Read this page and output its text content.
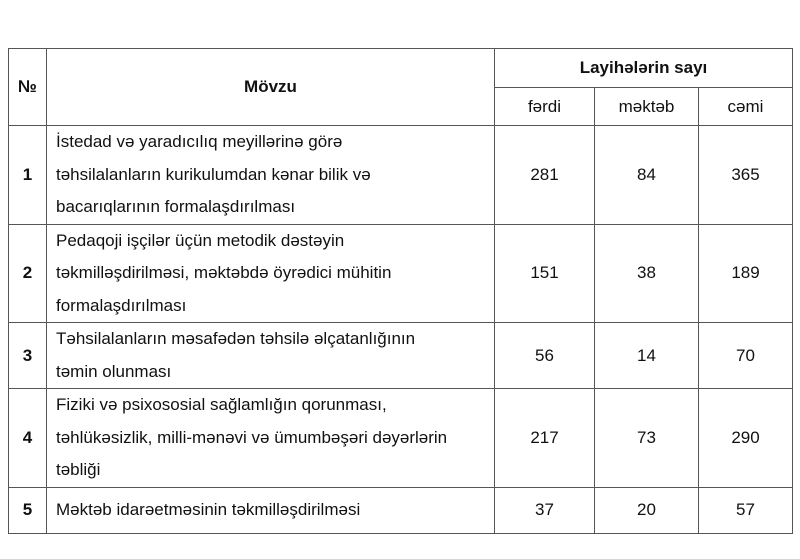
№	Mövzu	Layihələrin sayı		
		fərdi	məktəb	cəmi
1	İstedad və yaradıcılıq meyillərinə görə
təhsilalanların kurikulumdan kənar bilik və
bacarıqlarının formalaşdırılması	281	84	365
2	Pedaqoji işçilər üçün metodik dəstəyin
təkmilləşdirilməsi, məktəbdə öyrədici mühitin
formalaşdırılması	151	38	189
3	Təhsilalanların məsafədən təhsilə əlçatanlığının
təmin olunması	56	14	70
4	Fiziki və psixososial sağlamlığın qorunması,
təhlükəsizlik, milli-mənəvi və ümumbəşəri dəyərlərin
təbliği	217	73	290
5	Məktəb idarəetməsinin təkmilləşdirilməsi	37	20	57
